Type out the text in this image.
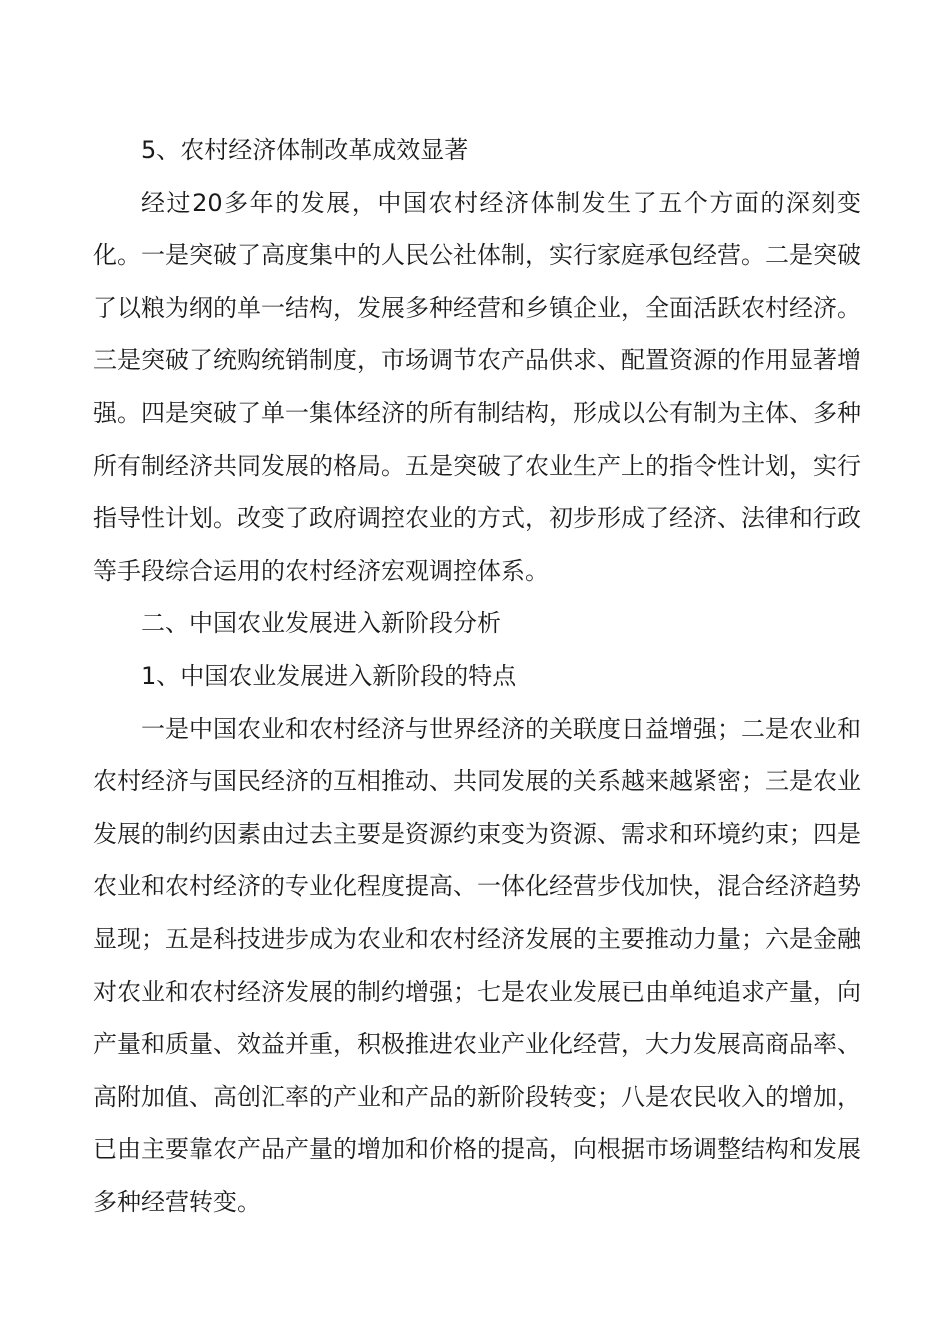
5、农村经济体制改革成效显著

经过20多年的发展，中国农村经济体制发生了五个方面的深刻变化。一是突破了高度集中的人民公社体制，实行家庭承包经营。二是突破了以粮为纲的单一结构，发展多种经营和乡镇企业，全面活跃农村经济。三是突破了统购统销制度，市场调节农产品供求、配置资源的作用显著增强。四是突破了单一集体经济的所有制结构，形成以公有制为主体、多种所有制经济共同发展的格局。五是突破了农业生产上的指令性计划，实行指导性计划。改变了政府调控农业的方式，初步形成了经济、法律和行政等手段综合运用的农村经济宏观调控体系。

二、中国农业发展进入新阶段分析

1、中国农业发展进入新阶段的特点

一是中国农业和农村经济与世界经济的关联度日益增强；二是农业和农村经济与国民经济的互相推动、共同发展的关系越来越紧密；三是农业发展的制约因素由过去主要是资源约束变为资源、需求和环境约束；四是农业和农村经济的专业化程度提高、一体化经营步伐加快，混合经济趋势显现；五是科技进步成为农业和农村经济发展的主要推动力量；六是金融对农业和农村经济发展的制约增强；七是农业发展已由单纯追求产量，向产量和质量、效益并重，积极推进农业产业化经营，大力发展高商品率、高附加值、高创汇率的产业和产品的新阶段转变；八是农民收入的增加，已由主要靠农产品产量的增加和价格的提高，向根据市场调整结构和发展多种经营转变。
